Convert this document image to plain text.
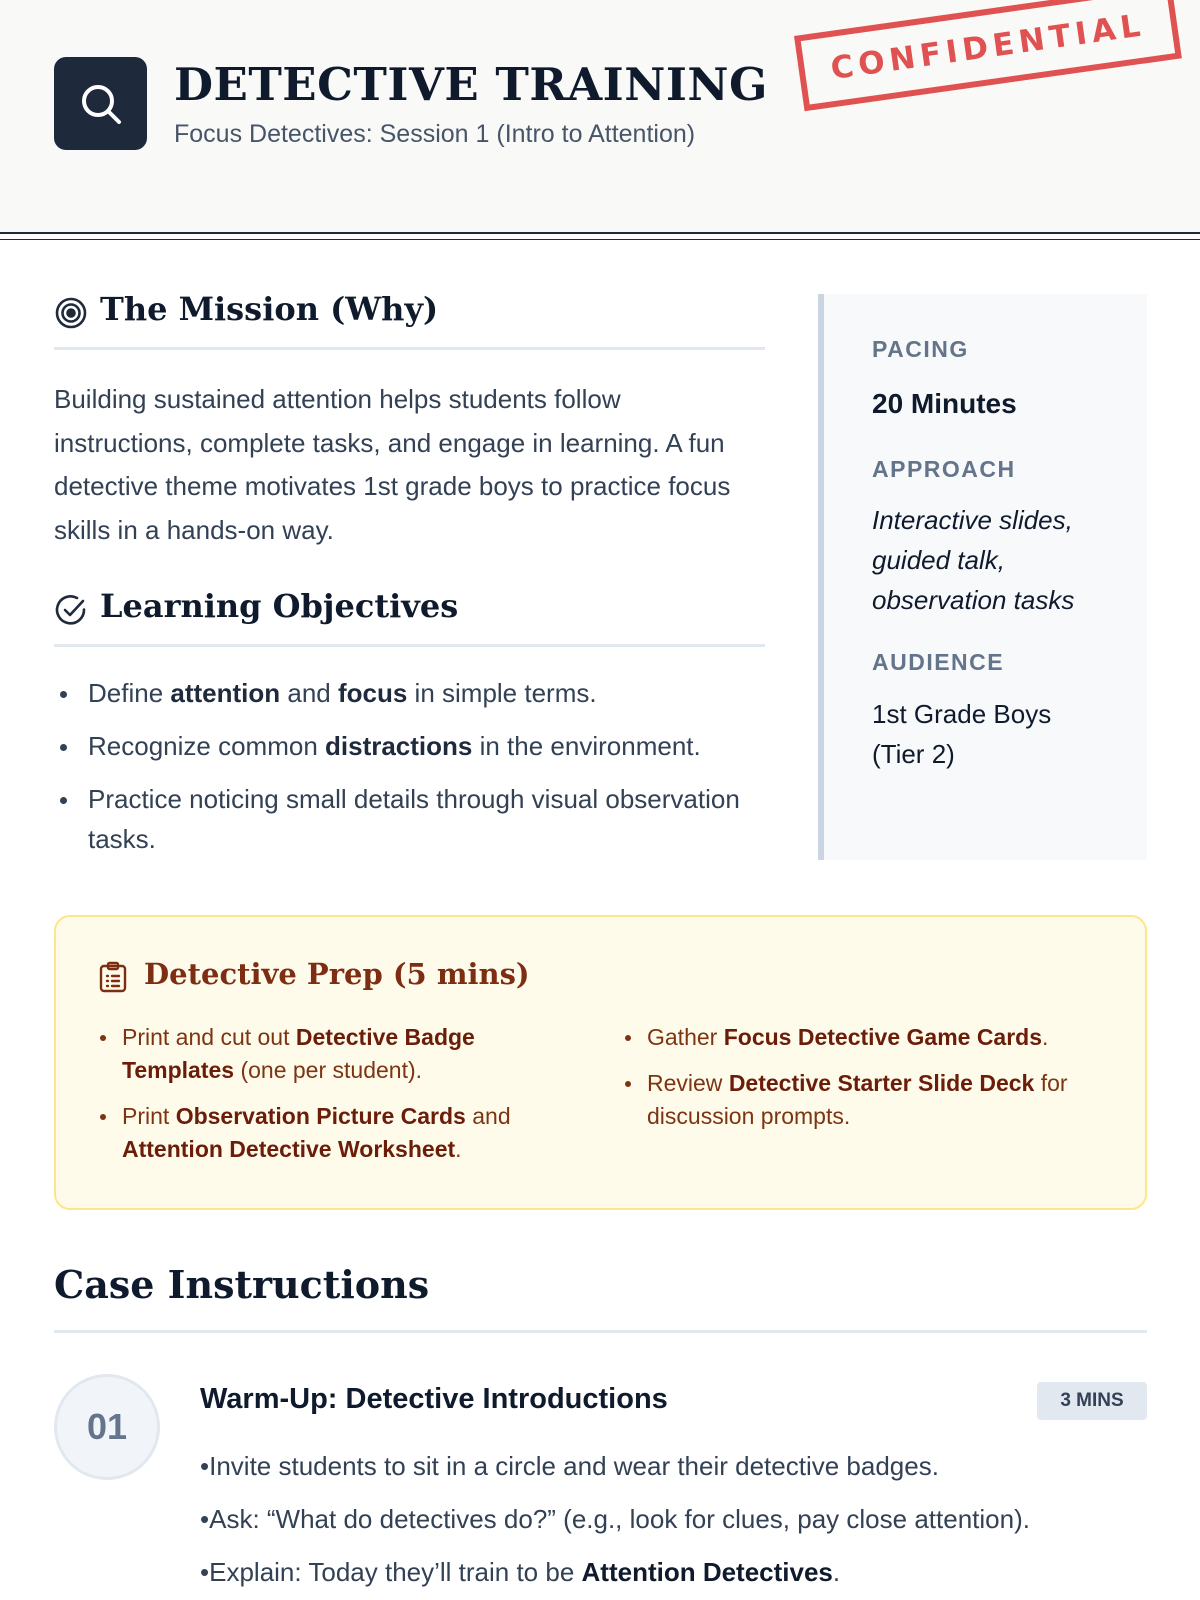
DETECTIVE TRAINING
Focus Detectives: Session 1 (Intro to Attention)
CONFIDENTIAL
The Mission (Why)
Building sustained attention helps students follow instructions, complete tasks, and engage in learning. A fun detective theme motivates 1st grade boys to practice focus skills in a hands-on way.
Learning Objectives
Define attention and focus in simple terms.
Recognize common distractions in the environment.
Practice noticing small details through visual observation tasks.
PACING
20 Minutes
APPROACH
Interactive slides, guided talk, observation tasks
AUDIENCE
1st Grade Boys (Tier 2)
Detective Prep (5 mins)
Print and cut out Detective Badge Templates (one per student).
Print Observation Picture Cards and Attention Detective Worksheet.
Gather Focus Detective Game Cards.
Review Detective Starter Slide Deck for discussion prompts.
Case Instructions
01
Warm-Up: Detective Introductions	3 MINS
• Invite students to sit in a circle and wear their detective badges.
• Ask: “What do detectives do?” (e.g., look for clues, pay close attention).
• Explain: Today they’ll train to be Attention Detectives.
